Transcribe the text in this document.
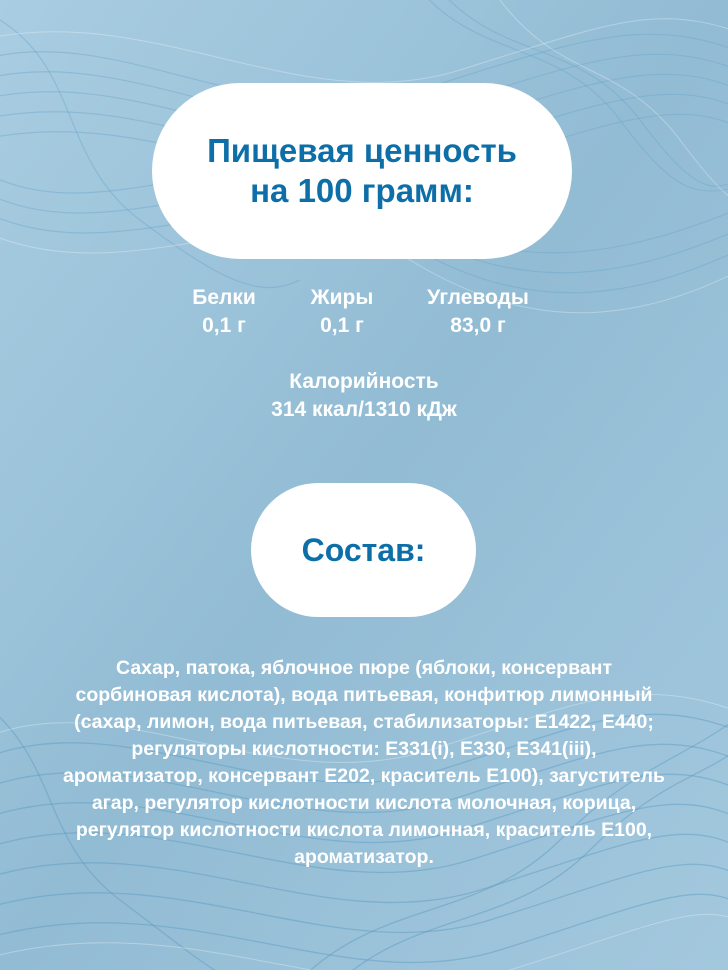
Пищевая ценность
на 100 грамм:
Белки
0,1 г
Жиры
0,1 г
Углеводы
83,0 г
Калорийность
314 ккал/1310 кДж
Состав:
Сахар, патока, яблочное пюре (яблоки, консервант сорбиновая кислота), вода питьевая, конфитюр лимонный (сахар, лимон, вода питьевая, стабилизаторы: Е1422, Е440; регуляторы кислотности: Е331(i), Е330, Е341(iii), ароматизатор, консервант Е202, краситель Е100), загуститель агар, регулятор кислотности кислота молочная, корица, регулятор кислотности кислота лимонная, краситель Е100, ароматизатор.
